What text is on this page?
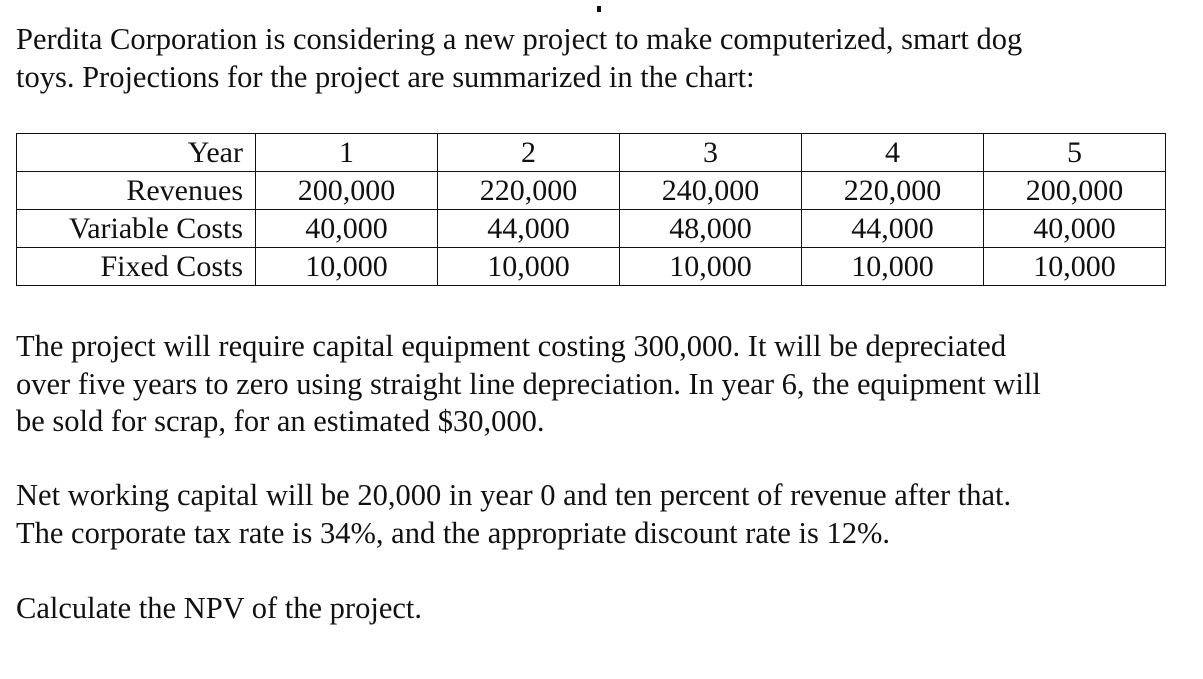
Perdita Corporation is considering a new project to make computerized, smart dog
toys. Projections for the project are summarized in the chart:
Year	1	2	3	4	5
Revenues	200,000	220,000	240,000	220,000	200,000
Variable Costs	40,000	44,000	48,000	44,000	40,000
Fixed Costs	10,000	10,000	10,000	10,000	10,000
The project will require capital equipment costing 300,000. It will be depreciated
over five years to zero using straight line depreciation. In year 6, the equipment will
be sold for scrap, for an estimated $30,000.
Net working capital will be 20,000 in year 0 and ten percent of revenue after that.
The corporate tax rate is 34%, and the appropriate discount rate is 12%.
Calculate the NPV of the project.
